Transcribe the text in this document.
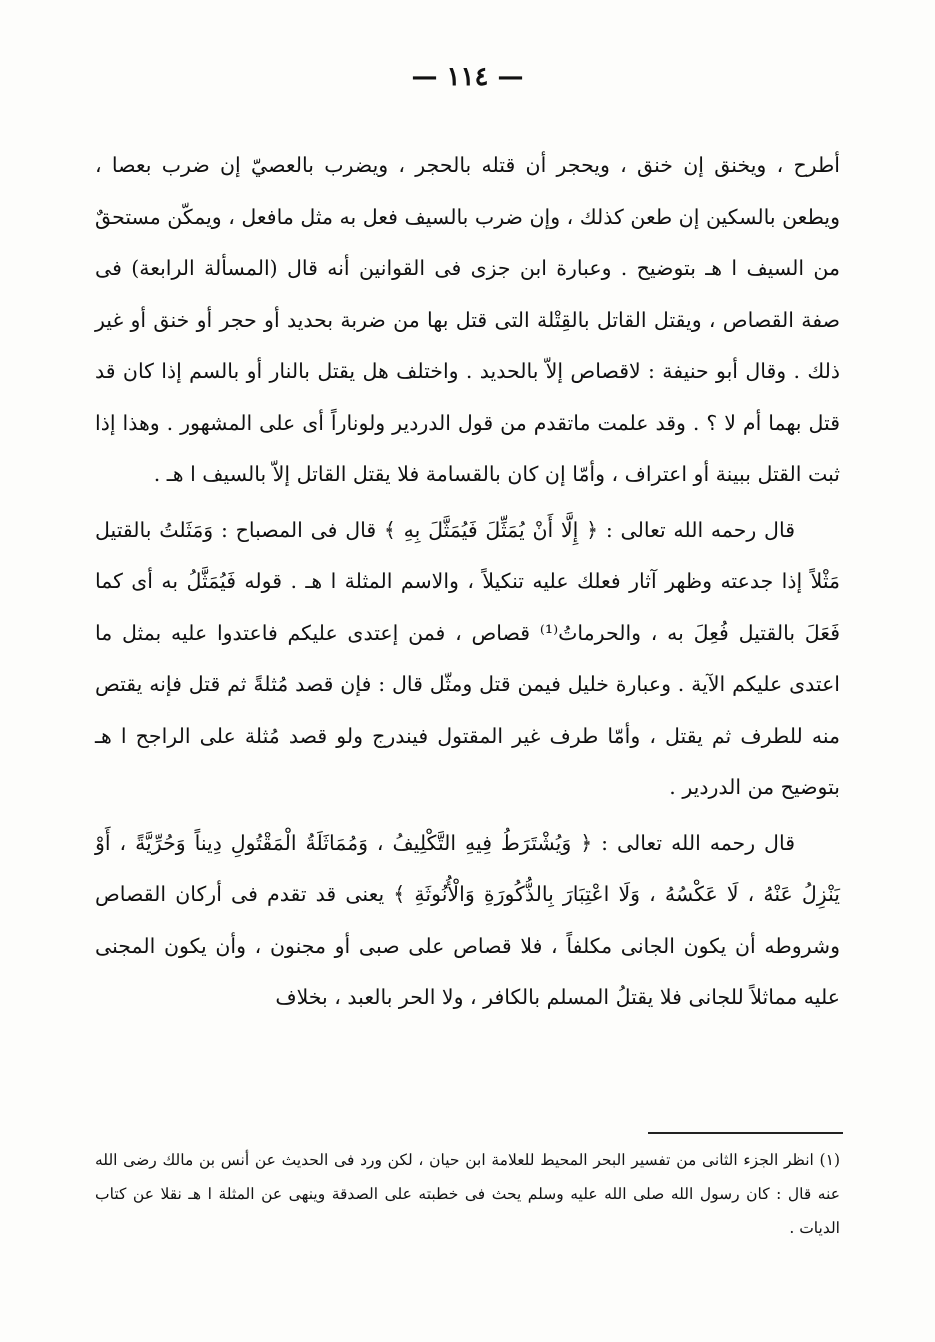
— ١١٤ —

أطرح ، ويخنق إن خنق ، ويحجر أن قتله بالحجر ، ويضرب بالعصيّ إن ضرب بعصا ، ويطعن بالسكين إن طعن كذلك ، وإن ضرب بالسيف فعل به مثل مافعل ، ويمكّن مستحقٌ من السيف ا هـ بتوضيح . وعبارة ابن جزى فى القوانين أنه قال (المسألة الرابعة) فى صفة القصاص ، ويقتل القاتل بالقِتْلة التى قتل بها من ضربة بحديد أو حجر أو خنق أو غير ذلك . وقال أبو حنيفة : لاقصاص إلاّ بالحديد . واختلف هل يقتل بالنار أو بالسم إذا كان قد قتل بهما أم لا ؟ . وقد علمت ماتقدم من قول الدردير ولوناراً أى على المشهور . وهذا إذا ثبت القتل ببينة أو اعتراف ، وأمّا إن كان بالقسامة فلا يقتل القاتل إلاّ بالسيف ا هـ .

قال رحمه الله تعالى : ﴿ إِلَّا أَنْ يُمَثِّلَ فَيُمَثَّلَ بِهِ ﴾ قال فى المصباح : وَمَثَلتُ بالقتيل مَثْلاً إذا جدعته وظهر آثار فعلك عليه تنكيلاً ، والاسم المثلة ا هـ . قوله فَيُمَثَّلُ به أى كما فَعَلَ بالقتيل فُعِلَ به ، والحرماتُ⁽¹⁾ قصاص ، فمن إعتدى عليكم فاعتدوا عليه بمثل ما اعتدى عليكم الآية . وعبارة خليل فيمن قتل ومثّل قال : فإن قصد مُثلةً ثم قتل فإنه يقتص منه للطرف ثم يقتل ، وأمّا طرف غير المقتول فيندرج ولو قصد مُثلة على الراجح ا هـ بتوضيح من الدردير .

قال رحمه الله تعالى : ﴿ وَيُشْتَرَطُ فِيهِ التَّكْلِيفُ ، وَمُمَاثَلَةُ الْمَقْتُولِ دِيناً وَحُرِّيَّةً ، أَوْ يَنْزِلُ عَنْهُ ، لَا عَكْسُهُ ، وَلَا اعْتِبَارَ بِالذُّكُورَةِ وَالْأُنُوثَةِ ﴾ يعنى قد تقدم فى أركان القصاص وشروطه أن يكون الجانى مكلفاً ، فلا قصاص على صبى أو مجنون ، وأن يكون المجنى عليه مماثلاً للجانى فلا يقتلُ المسلم بالكافر ، ولا الحر بالعبد ، بخلاف

(١) انظر الجزء الثانى من تفسير البحر المحيط للعلامة ابن حيان ، لكن ورد فى الحديث عن أنس بن مالك رضى الله عنه قال : كان رسول الله صلى الله عليه وسلم يحث فى خطبته على الصدقة وينهى عن المثلة ا هـ نقلا عن كتاب الديات .
